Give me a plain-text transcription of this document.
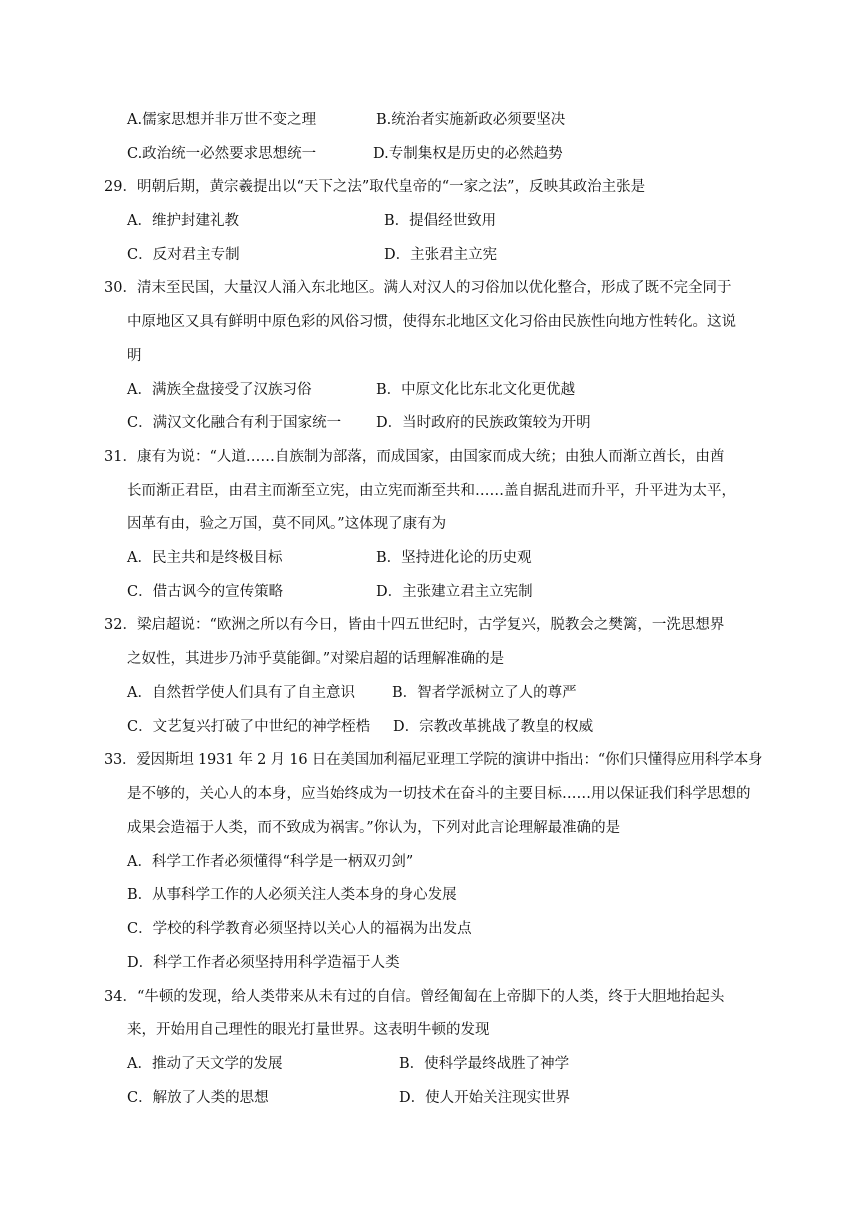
A.儒家思想并非万世不变之理	B.统治者实施新政必须要坚决
C.政治统一必然要求思想统一	D.专制集权是历史的必然趋势
29．明朝后期，黄宗羲提出以“天下之法”取代皇帝的“一家之法”，反映其政治主张是
A．维护封建礼教	B．提倡经世致用
C．反对君主专制	D．主张君主立宪
30．清末至民国，大量汉人涌入东北地区。满人对汉人的习俗加以优化整合，形成了既不完全同于
中原地区又具有鲜明中原色彩的风俗习惯，使得东北地区文化习俗由民族性向地方性转化。这说
明
A．满族全盘接受了汉族习俗	B．中原文化比东北文化更优越
C．满汉文化融合有利于国家统一 D．当时政府的民族政策较为开明
31．康有为说：“人道……自族制为部落，而成国家，由国家而成大统；由独人而渐立酋长，由酋
长而渐正君臣，由君主而渐至立宪，由立宪而渐至共和……盖自据乱进而升平，升平进为太平，
因革有由，验之万国，莫不同风。”这体现了康有为
A．民主共和是终极目标	B．坚持进化论的历史观
C．借古讽今的宣传策略	D．主张建立君主立宪制
32．梁启超说：“欧洲之所以有今日，皆由十四五世纪时，古学复兴，脱教会之樊篱，一洗思想界
之奴性，其进步乃沛乎莫能御。”对梁启超的话理解准确的是
A．自然哲学使人们具有了自主意识	B．智者学派树立了人的尊严
C．文艺复兴打破了中世纪的神学桎梏 D．宗教改革挑战了教皇的权威
33．爱因斯坦 1931 年 2 月 16 日在美国加利福尼亚理工学院的演讲中指出：“你们只懂得应用科学本身
是不够的，关心人的本身，应当始终成为一切技术在奋斗的主要目标……用以保证我们科学思想的
成果会造福于人类，而不致成为祸害。”你认为，下列对此言论理解最准确的是
A．科学工作者必须懂得“科学是一柄双刃剑”
B．从事科学工作的人必须关注人类本身的身心发展
C．学校的科学教育必须坚持以关心人的福祸为出发点
D．科学工作者必须坚持用科学造福于人类
34．“牛顿的发现，给人类带来从未有过的自信。曾经匍匐在上帝脚下的人类，终于大胆地抬起头
来，开始用自己理性的眼光打量世界。这表明牛顿的发现
A．推动了天文学的发展	B．使科学最终战胜了神学
C．解放了人类的思想	D．使人开始关注现实世界
